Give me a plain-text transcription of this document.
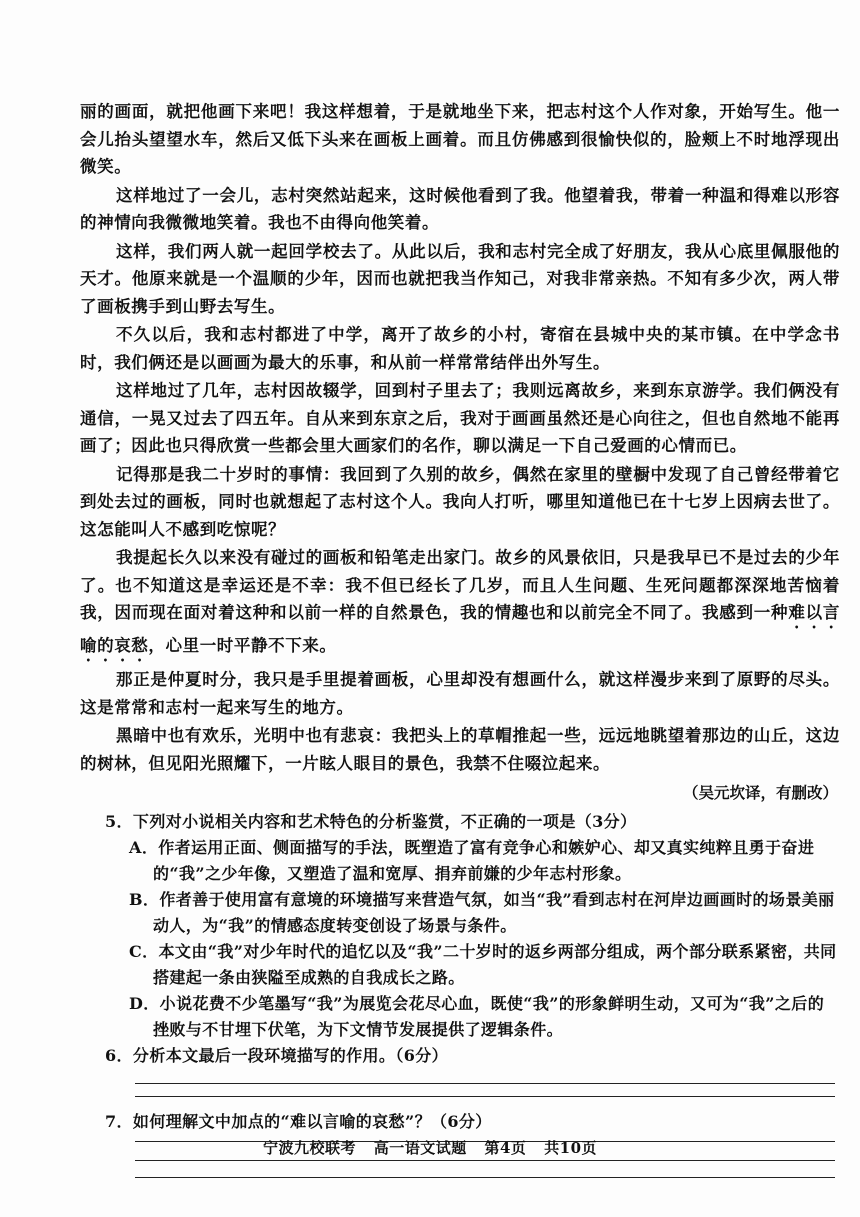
丽的画面，就把他画下来吧！我这样想着，于是就地坐下来，把志村这个人作对象，开始写生。他一会儿抬头望望水车，然后又低下头来在画板上画着。而且仿佛感到很愉快似的，脸颊上不时地浮现出微笑。

这样地过了一会儿，志村突然站起来，这时候他看到了我。他望着我，带着一种温和得难以形容的神情向我微微地笑着。我也不由得向他笑着。

这样，我们两人就一起回学校去了。从此以后，我和志村完全成了好朋友，我从心底里佩服他的天才。他原来就是一个温顺的少年，因而也就把我当作知己，对我非常亲热。不知有多少次，两人带了画板携手到山野去写生。

不久以后，我和志村都进了中学，离开了故乡的小村，寄宿在县城中央的某市镇。在中学念书时，我们俩还是以画画为最大的乐事，和从前一样常常结伴出外写生。

这样地过了几年，志村因故辍学，回到村子里去了；我则远离故乡，来到东京游学。我们俩没有通信，一晃又过去了四五年。自从来到东京之后，我对于画画虽然还是心向往之，但也自然地不能再画了；因此也只得欣赏一些都会里大画家们的名作，聊以满足一下自己爱画的心情而已。

记得那是我二十岁时的事情：我回到了久别的故乡，偶然在家里的壁橱中发现了自己曾经带着它到处去过的画板，同时也就想起了志村这个人。我向人打听，哪里知道他已在十七岁上因病去世了。这怎能叫人不感到吃惊呢？

我提起长久以来没有碰过的画板和铅笔走出家门。故乡的风景依旧，只是我早已不是过去的少年了。也不知道这是幸运还是不幸：我不但已经长了几岁，而且人生问题、生死问题都深深地苦恼着我，因而现在面对着这种和以前一样的自然景色，我的情趣也和以前完全不同了。我感到一种难以言喻的哀愁，心里一时平静不下来。

那正是仲夏时分，我只是手里提着画板，心里却没有想画什么，就这样漫步来到了原野的尽头。这是常常和志村一起来写生的地方。

黑暗中也有欢乐，光明中也有悲哀：我把头上的草帽推起一些，远远地眺望着那边的山丘，这边的树林，但见阳光照耀下，一片眩人眼目的景色，我禁不住啜泣起来。

（吴元坎译，有删改）
5．下列对小说相关内容和艺术特色的分析鉴赏，不正确的一项是（3分）
A．作者运用正面、侧面描写的手法，既塑造了富有竞争心和嫉妒心、却又真实纯粹且勇于奋进的“我”之少年像，又塑造了温和宽厚、捐弃前嫌的少年志村形象。
B．作者善于使用富有意境的环境描写来营造气氛，如当“我”看到志村在河岸边画画时的场景美丽动人，为“我”的情感态度转变创设了场景与条件。
C．本文由“我”对少年时代的追忆以及“我”二十岁时的返乡两部分组成，两个部分联系紧密，共同搭建起一条由狭隘至成熟的自我成长之路。
D．小说花费不少笔墨写“我”为展览会花尽心血，既使“我”的形象鲜明生动，又可为“我”之后的挫败与不甘埋下伏笔，为下文情节发展提供了逻辑条件。
6．分析本文最后一段环境描写的作用。（6分）
7．如何理解文中加点的“难以言喻的哀愁”？（6分）
宁波九校联考 高一语文试题 第4页 共10页
